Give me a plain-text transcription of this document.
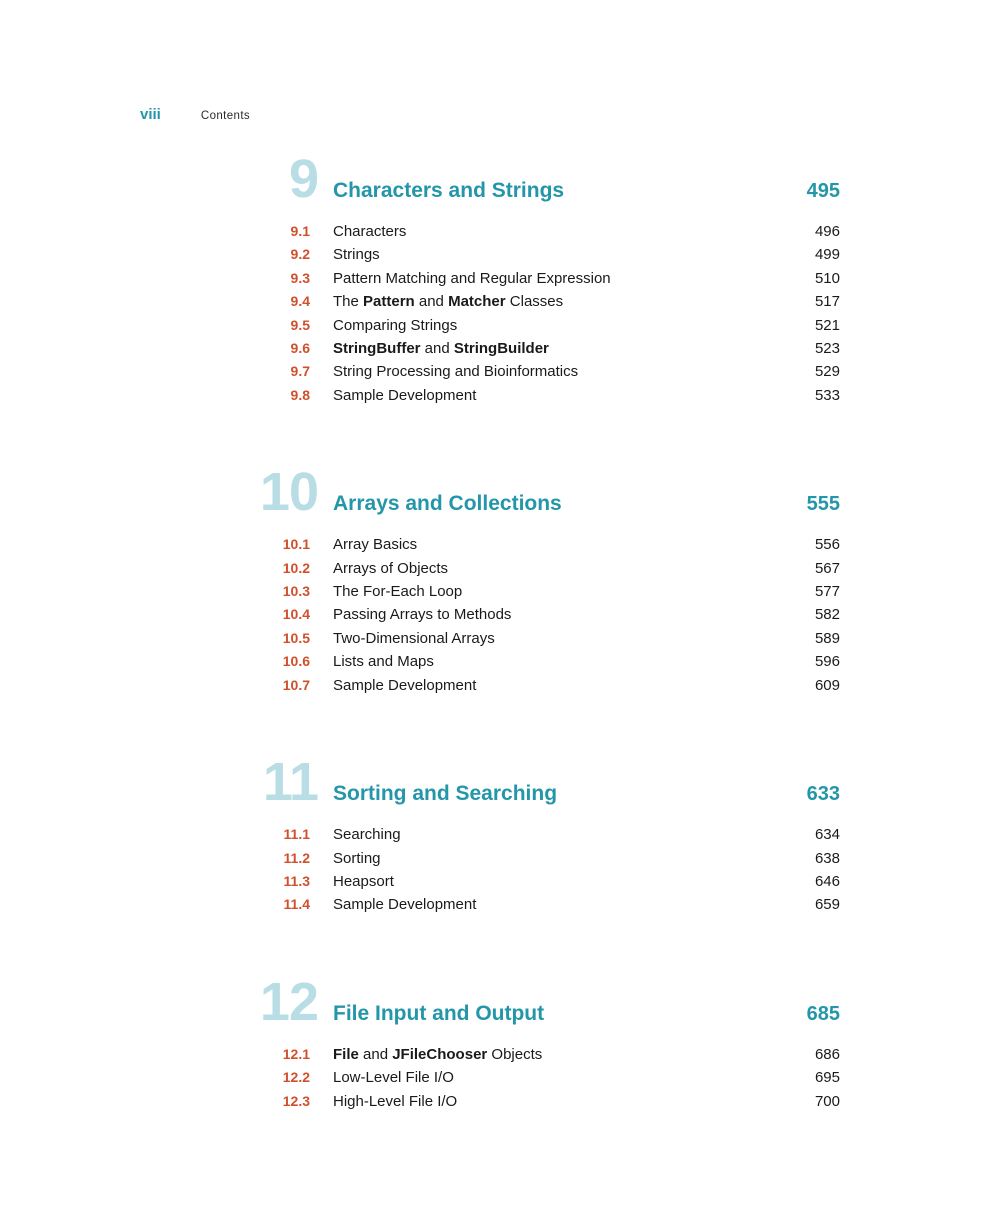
viii	Contents
9 Characters and Strings	495
9.1 Characters	496
9.2 Strings	499
9.3 Pattern Matching and Regular Expression	510
9.4 The Pattern and Matcher Classes	517
9.5 Comparing Strings	521
9.6 StringBuffer and StringBuilder	523
9.7 String Processing and Bioinformatics	529
9.8 Sample Development	533
10 Arrays and Collections	555
10.1 Array Basics	556
10.2 Arrays of Objects	567
10.3 The For-Each Loop	577
10.4 Passing Arrays to Methods	582
10.5 Two-Dimensional Arrays	589
10.6 Lists and Maps	596
10.7 Sample Development	609
11 Sorting and Searching	633
11.1 Searching	634
11.2 Sorting	638
11.3 Heapsort	646
11.4 Sample Development	659
12 File Input and Output	685
12.1 File and JFileChooser Objects	686
12.2 Low-Level File I/O	695
12.3 High-Level File I/O	700
